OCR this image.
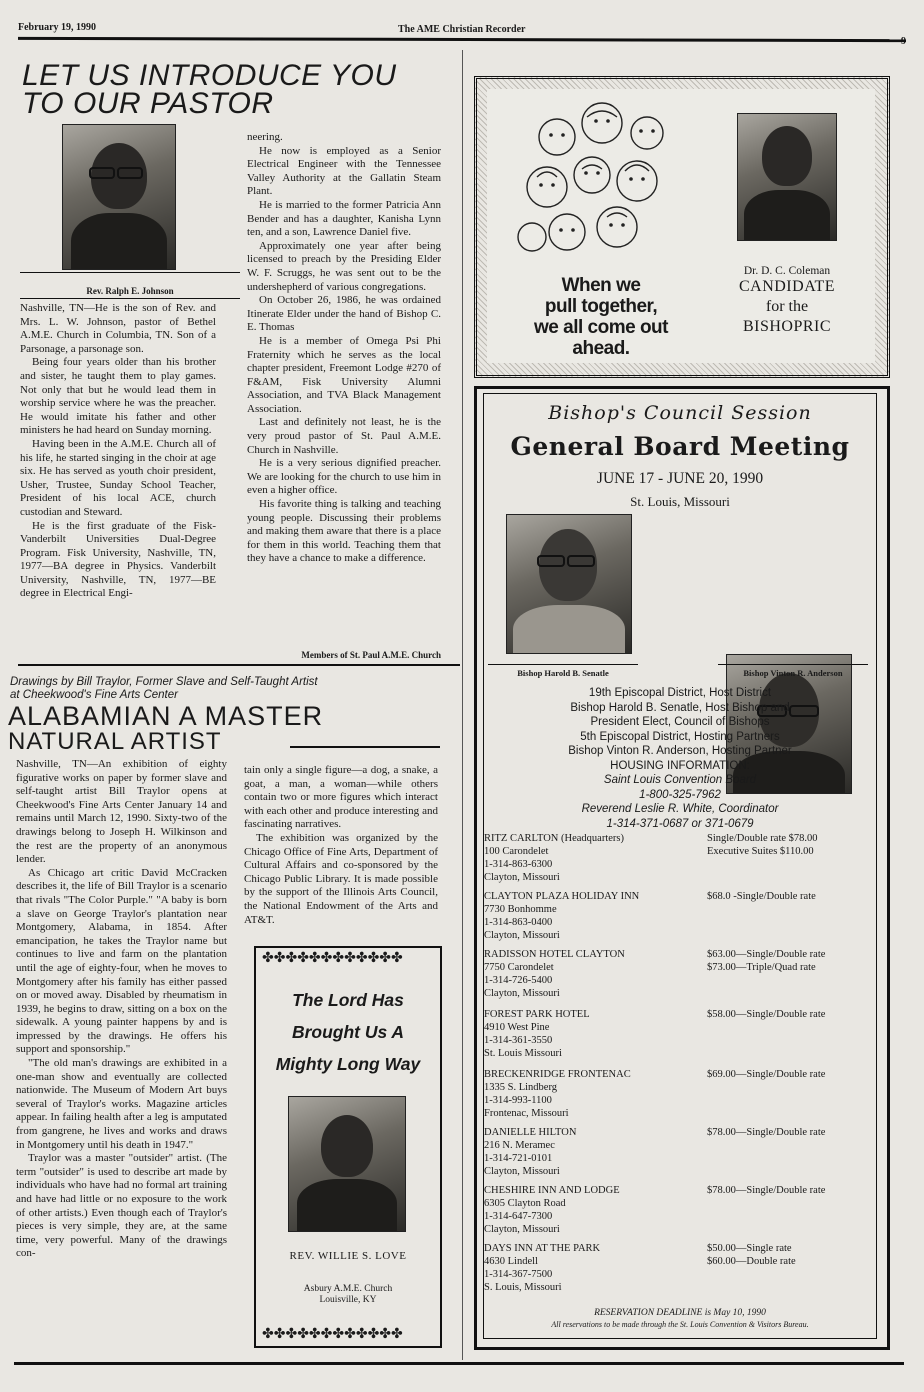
February 19, 1990	The AME Christian Recorder
LET US INTRODUCE YOU
TO OUR PASTOR
Rev. Ralph E. Johnson

Nashville, TN—He is the son of Rev. and Mrs. L. W. Johnson, pastor of Bethel A.M.E. Church in Columbia, TN. Son of a Parsonage, a parsonage son.

Being four years older than his brother and sister, he taught them to play games. Not only that but he would lead them in worship service where he was the preacher. He would imitate his father and other ministers he had heard on Sunday morning.

Having been in the A.M.E. Church all of his life, he started singing in the choir at age six. He has served as youth choir president, Usher, Trustee, Sunday School Teacher, President of his local ACE, church custodian and Steward.

He is the first graduate of the Fisk-Vanderbilt Universities Dual-Degree Program. Fisk University, Nashville, TN, 1977—BA degree in Physics. Vanderbilt University, Nashville, TN, 1977—BE degree in Electrical Engi-

neering.

He now is employed as a Senior Electrical Engineer with the Tennessee Valley Authority at the Gallatin Steam Plant.

He is married to the former Patricia Ann Bender and has a daughter, Kanisha Lynn ten, and a son, Lawrence Daniel five.

Approximately one year after being licensed to preach by the Presiding Elder W. F. Scruggs, he was sent out to be the undershepherd of various congregations.

On October 26, 1986, he was ordained Itinerate Elder under the hand of Bishop C. E. Thomas

He is a member of Omega Psi Phi Fraternity which he serves as the local chapter president, Freemont Lodge #270 of F&AM, Fisk University Alumni Association, and TVA Black Management Association.

Last and definitely not least, he is the very proud pastor of St. Paul A.M.E. Church in Nashville.

He is a very serious dignified preacher. We are looking for the church to use him in even a higher office.

His favorite thing is talking and teaching young people. Discussing their problems and making them aware that there is a place for them in this world. Teaching them that they have a chance to make a difference.

Members of St. Paul A.M.E. Church
Drawings by Bill Traylor, Former Slave and Self-Taught Artist
at Cheekwood's Fine Arts Center
ALABAMIAN A MASTER
NATURAL ARTIST

Nashville, TN—An exhibition of eighty figurative works on paper by former slave and self-taught artist Bill Traylor opens at Cheekwood's Fine Arts Center January 14 and remains until March 12, 1990. Sixty-two of the drawings belong to Joseph H. Wilkinson and the rest are the property of an anonymous lender.

As Chicago art critic David McCracken describes it, the life of Bill Traylor is a scenario that rivals "The Color Purple." "A baby is born a slave on George Traylor's plantation near Montgomery, Alabama, in 1854. After emancipation, he takes the Traylor name but continues to live and farm on the plantation until the age of eighty-four, when he moves to Montgomery after his family has either passed on or moved away. Disabled by rheumatism in 1939, he begins to draw, sitting on a box on the sidewalk. A young painter happens by and is impressed by the drawings. He offers his support and sponsorship."

"The old man's drawings are exhibited in a one-man show and eventually are collected nationwide. The Museum of Modern Art buys several of Traylor's works. Magazine articles appear. In failing health after a leg is amputated from gangrene, he lives and works and draws in Montgomery until his death in 1947."

Traylor was a master "outsider" artist. (The term "outsider" is used to describe art made by individuals who have had no formal art training and have had little or no exposure to the work of other artists.) Even though each of Traylor's pieces is very simple, they are, at the same time, very powerful. Many of the drawings con-

tain only a single figure—a dog, a snake, a goat, a man, a woman—while others contain two or more figures which interact with each other and produce interesting and fascinating narratives.

The exhibition was organized by the Chicago Office of Fine Arts, Department of Cultural Affairs and co-sponsored by the Chicago Public Library. It is made possible by the support of the Illinois Arts Council, the National Endowment of the Arts and AT&T.

✤✤✤✤✤✤✤✤✤✤✤✤
✤✤✤✤✤✤✤✤✤✤✤✤
The Lord Has
Brought Us A
Mighty Long Way
REV. WILLIE S. LOVE
Asbury A.M.E. Church
Louisville, KY
When we
pull together,
we all come out
ahead.
Dr. D. C. Coleman
CANDIDATE
for the
BISHOPRIC
Bishop's Council Session
General Board Meeting
JUNE 17 - JUNE 20, 1990
St. Louis, Missouri
Bishop Harold B. Senatle	Bishop Vinton R. Anderson
19th Episcopal District, Host District
Bishop Harold B. Senatle, Host Bishop and
President Elect, Council of Bishops
5th Episcopal District, Hosting Partners
Bishop Vinton R. Anderson, Hosting Partner
HOUSING INFORMATION:
Saint Louis Convention Board
1-800-325-7962
Reverend Leslie R. White, Coordinator
1-314-371-0687 or 371-0679
RITZ CARLTON (Headquarters)
100 Carondelet
1-314-863-6300
Clayton, Missouri
Single/Double rate $78.00
Executive Suites $110.00
CLAYTON PLAZA HOLIDAY INN
7730 Bonhomme
1-314-863-0400
Clayton, Missouri
$68.0 -Single/Double rate
RADISSON HOTEL CLAYTON
7750 Carondelet
1-314-726-5400
Clayton, Missouri
$63.00—Single/Double rate
$73.00—Triple/Quad rate
FOREST PARK HOTEL
4910 West Pine
1-314-361-3550
St. Louis Missouri
$58.00—Single/Double rate
BRECKENRIDGE FRONTENAC
1335 S. Lindberg
1-314-993-1100
Frontenac, Missouri
$69.00—Single/Double rate
DANIELLE HILTON
216 N. Meramec
1-314-721-0101
Clayton, Missouri
$78.00—Single/Double rate
CHESHIRE INN AND LODGE
6305 Clayton Road
1-314-647-7300
Clayton, Missouri
$78.00—Single/Double rate
DAYS INN AT THE PARK
4630 Lindell
1-314-367-7500
S. Louis, Missouri
$50.00—Single rate
$60.00—Double rate
RESERVATION DEADLINE is May 10, 1990
All reservations to be made through the St. Louis Convention & Visitors Bureau.
